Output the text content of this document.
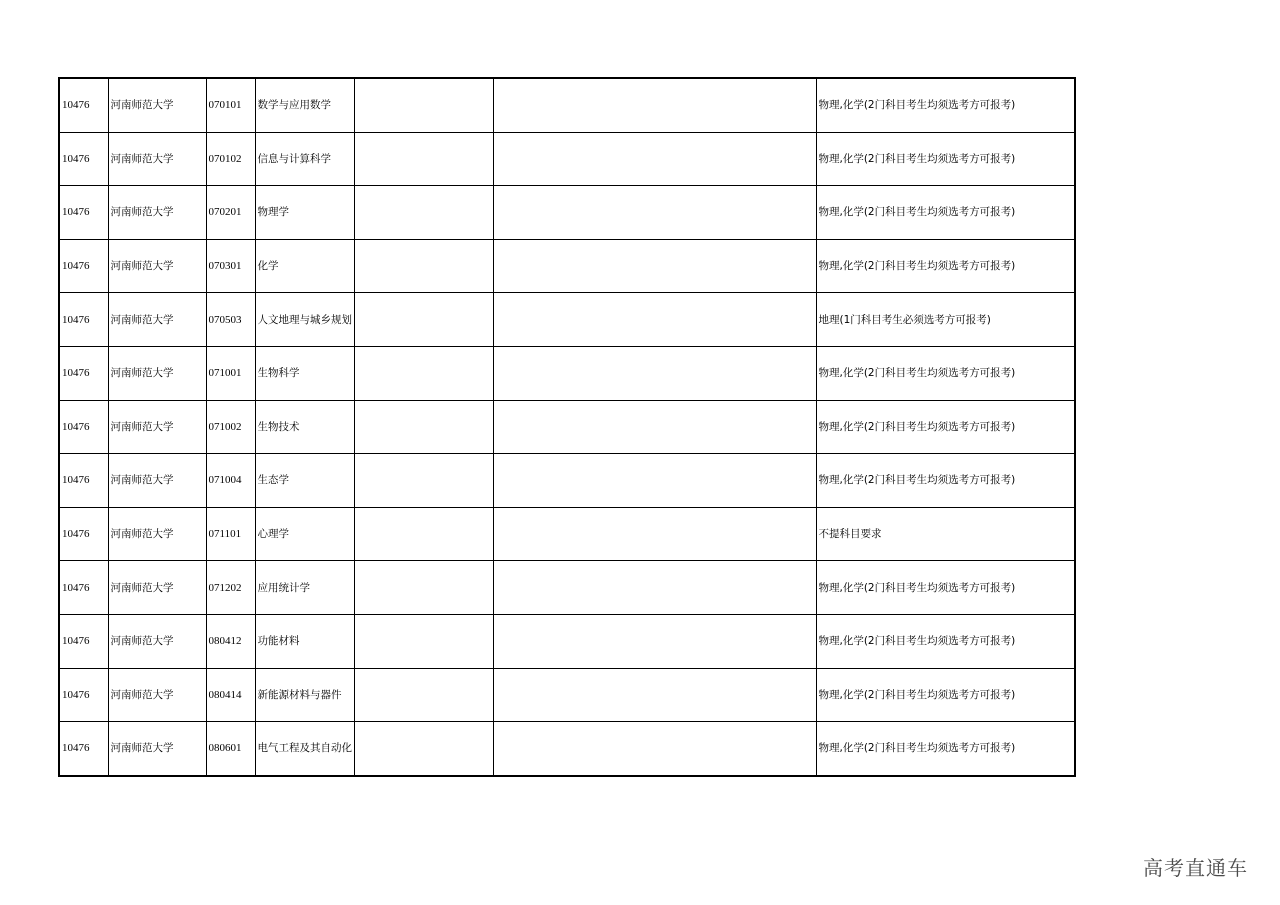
10476	河南师范大学	070101	数学与应用数学			物理,化学(2门科目考生均须选考方可报考)
10476	河南师范大学	070102	信息与计算科学			物理,化学(2门科目考生均须选考方可报考)
10476	河南师范大学	070201	物理学			物理,化学(2门科目考生均须选考方可报考)
10476	河南师范大学	070301	化学			物理,化学(2门科目考生均须选考方可报考)
10476	河南师范大学	070503	人文地理与城乡规划			地理(1门科目考生必须选考方可报考)
10476	河南师范大学	071001	生物科学			物理,化学(2门科目考生均须选考方可报考)
10476	河南师范大学	071002	生物技术			物理,化学(2门科目考生均须选考方可报考)
10476	河南师范大学	071004	生态学			物理,化学(2门科目考生均须选考方可报考)
10476	河南师范大学	071101	心理学			不提科目要求
10476	河南师范大学	071202	应用统计学			物理,化学(2门科目考生均须选考方可报考)
10476	河南师范大学	080412	功能材料			物理,化学(2门科目考生均须选考方可报考)
10476	河南师范大学	080414	新能源材料与器件			物理,化学(2门科目考生均须选考方可报考)
10476	河南师范大学	080601	电气工程及其自动化			物理,化学(2门科目考生均须选考方可报考)
高考直通车
